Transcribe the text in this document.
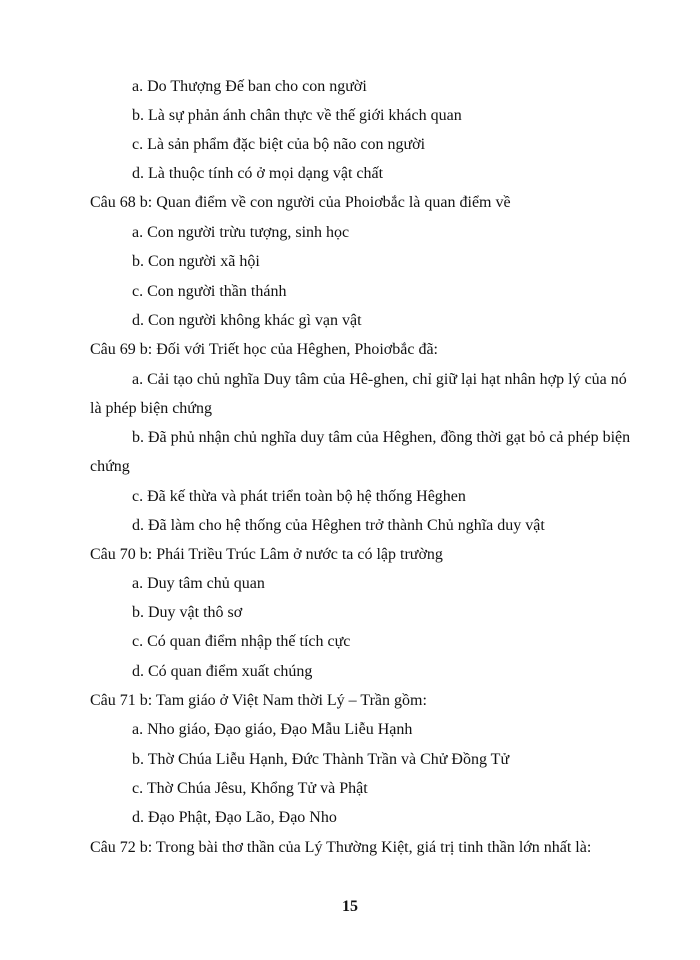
a. Do Thượng Đế ban cho con người
b. Là sự phản ánh chân thực về thế giới khách quan
c. Là sản phẩm đặc biệt của bộ não con người
d. Là thuộc tính có ở mọi dạng vật chất
Câu 68 b: Quan điểm về con người của Phoiơbắc là quan điểm về
a. Con người trừu tượng, sinh học
b. Con người xã hội
c. Con người thần thánh
d. Con người không khác gì vạn vật
Câu 69 b: Đối với Triết học của Hêghen, Phoiơbắc đã:
a. Cải tạo chủ nghĩa Duy tâm của Hê-ghen, chỉ giữ lại hạt nhân hợp lý của nó
là phép biện chứng
b. Đã phủ nhận chủ nghĩa duy tâm của Hêghen, đồng thời gạt bỏ cả phép biện
chứng
c. Đã kế thừa và phát triển toàn bộ hệ thống Hêghen
d. Đã làm cho hệ thống của Hêghen trở thành Chủ nghĩa duy vật
Câu 70 b: Phái Triều Trúc Lâm ở nước ta có lập trường
a. Duy tâm chủ quan
b. Duy vật thô sơ
c. Có quan điểm nhập thế tích cực
d. Có quan điểm xuất chúng
Câu 71 b: Tam giáo ở Việt Nam thời Lý – Trần gồm:
a. Nho giáo, Đạo giáo, Đạo Mẫu Liễu Hạnh
b. Thờ Chúa Liễu Hạnh, Đức Thành Trần và Chử Đồng Tử
c. Thờ Chúa Jêsu, Khổng Tử và Phật
d. Đạo Phật, Đạo Lão, Đạo Nho
Câu 72 b: Trong bài thơ thần của Lý Thường Kiệt, giá trị tinh thần lớn nhất là:
15
